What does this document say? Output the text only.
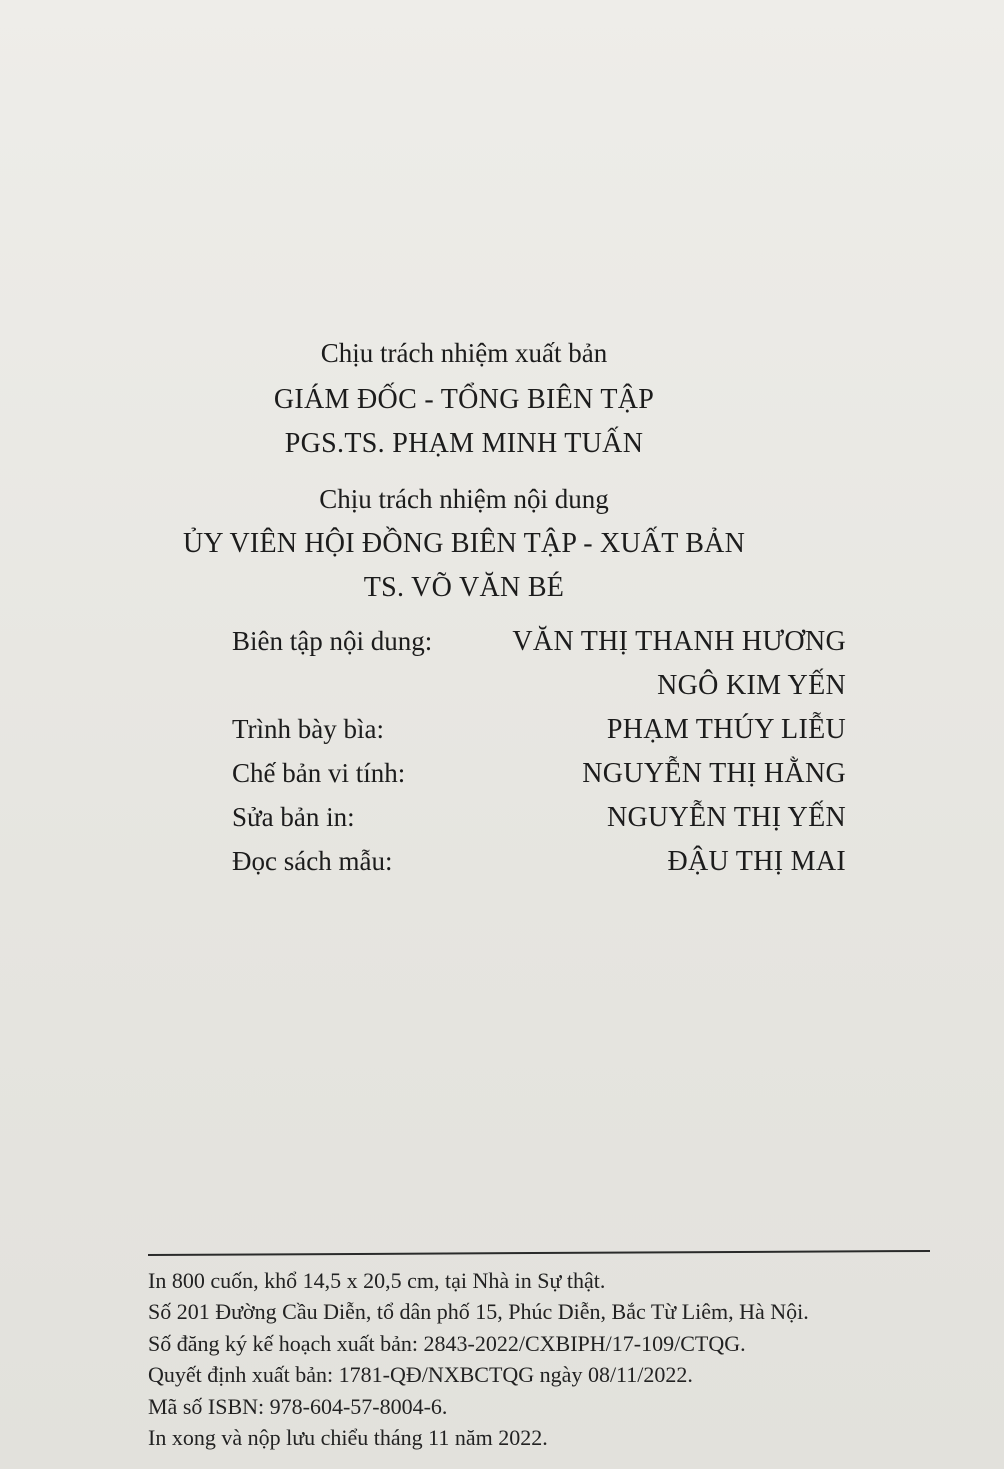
Chịu trách nhiệm xuất bản
GIÁM ĐỐC - TỔNG BIÊN TẬP
PGS.TS. PHẠM MINH TUẤN
Chịu trách nhiệm nội dung
ỦY VIÊN HỘI ĐỒNG BIÊN TẬP - XUẤT BẢN
TS. VÕ VĂN BÉ
Biên tập nội dung:	VĂN THỊ THANH HƯƠNG
NGÔ KIM YẾN
Trình bày bìa:	PHẠM THÚY LIỄU
Chế bản vi tính:	NGUYỄN THỊ HẰNG
Sửa bản in:	NGUYỄN THỊ YẾN
Đọc sách mẫu:	ĐẬU THỊ MAI
In 800 cuốn, khổ 14,5 x 20,5 cm, tại Nhà in Sự thật.
Số 201 Đường Cầu Diễn, tổ dân phố 15, Phúc Diễn, Bắc Từ Liêm, Hà Nội.
Số đăng ký kế hoạch xuất bản: 2843-2022/CXBIPH/17-109/CTQG.
Quyết định xuất bản: 1781-QĐ/NXBCTQG ngày 08/11/2022.
Mã số ISBN: 978-604-57-8004-6.
In xong và nộp lưu chiểu tháng 11 năm 2022.
